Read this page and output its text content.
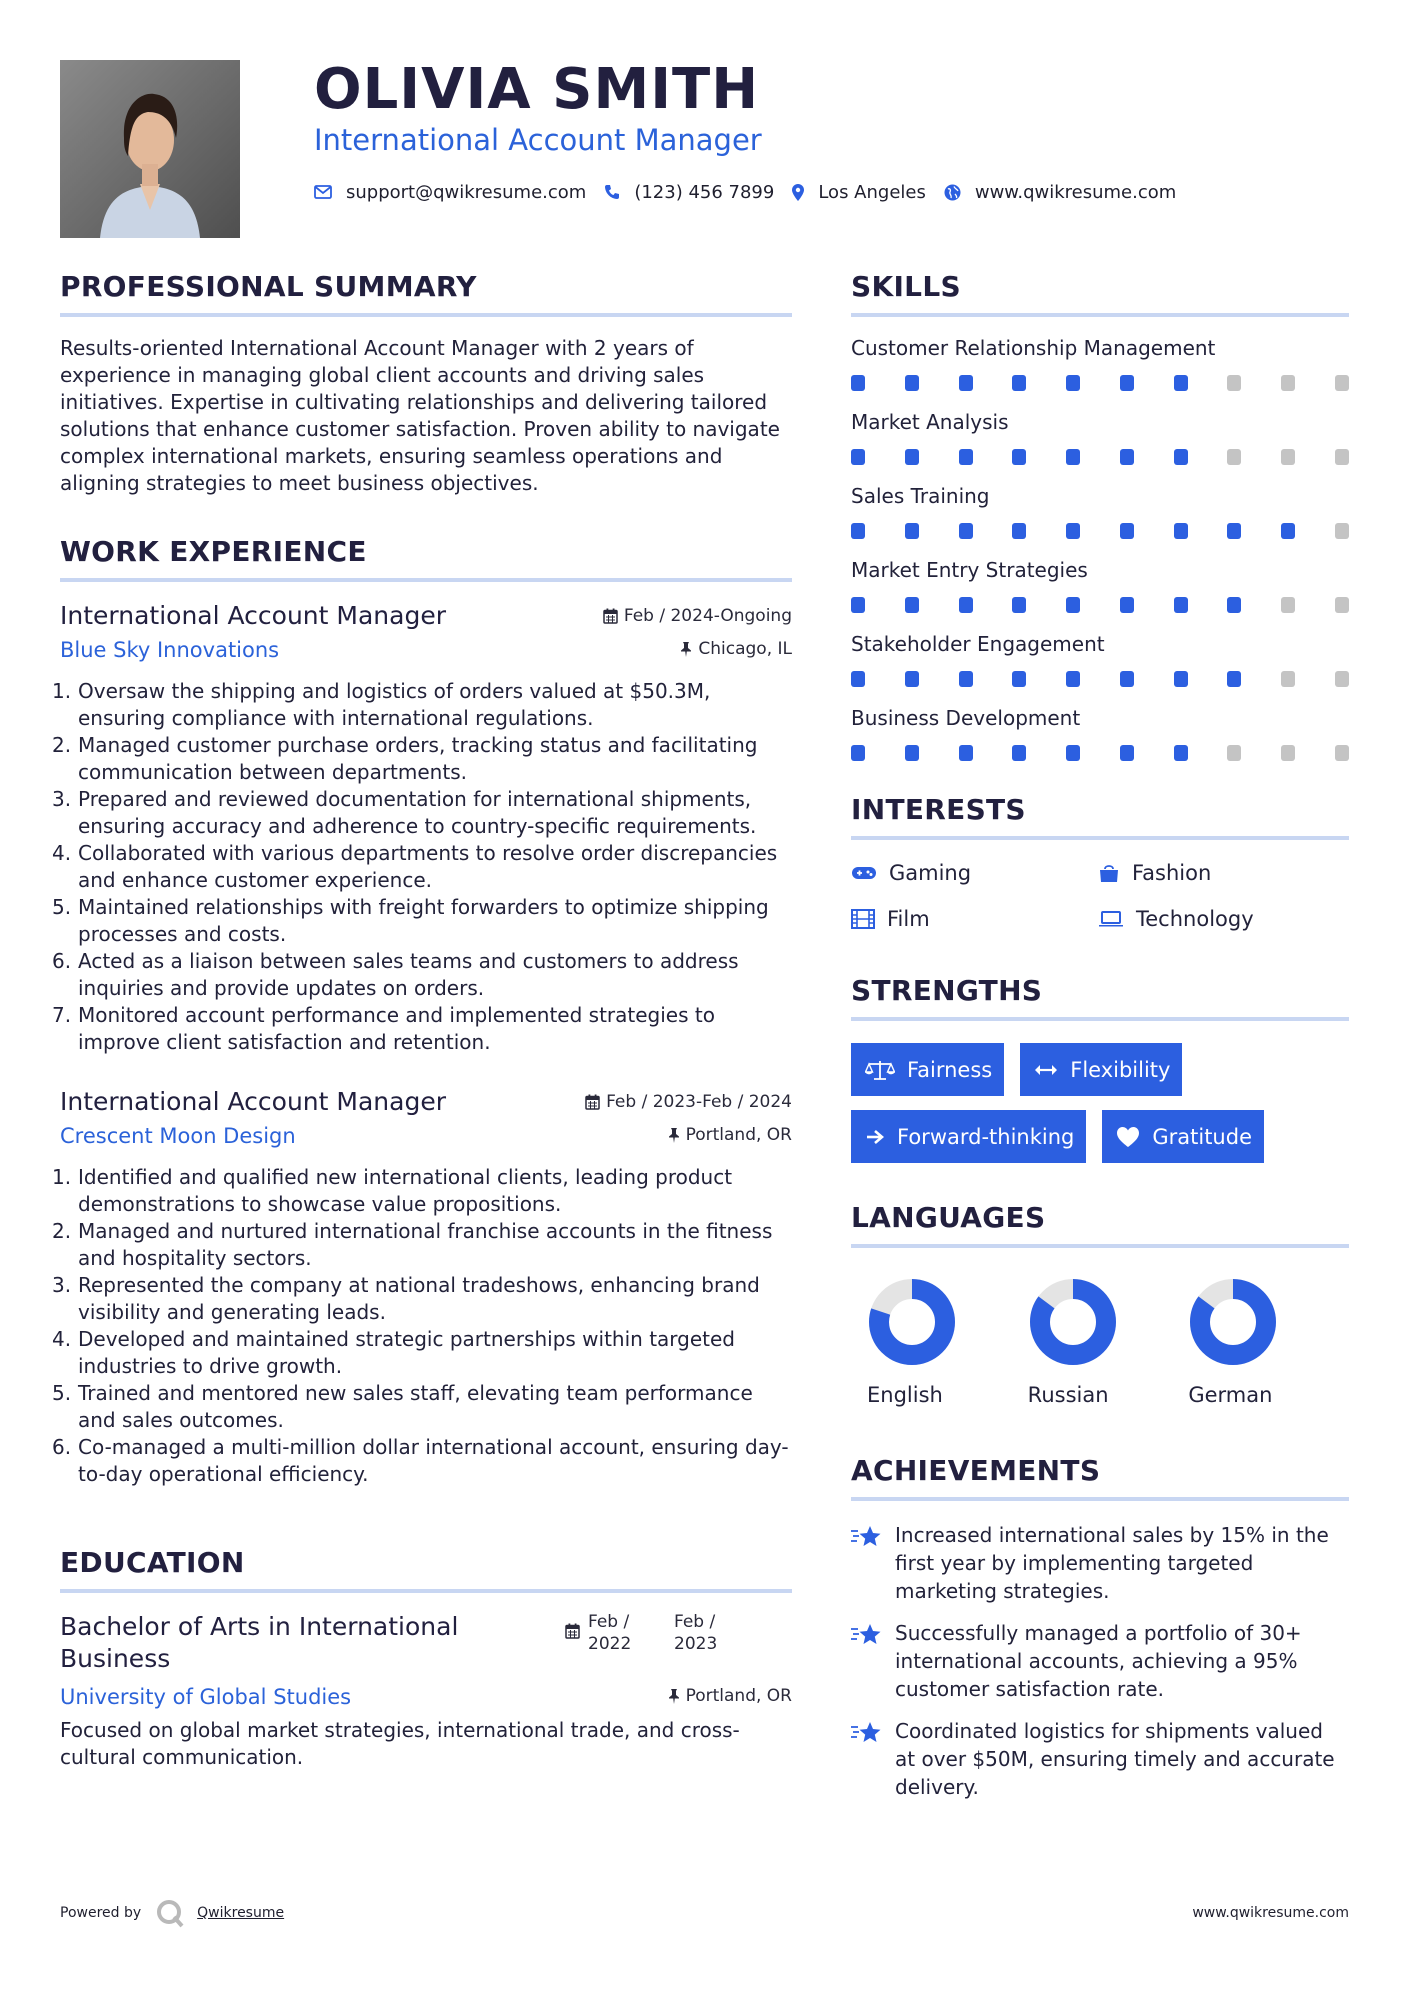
OLIVIA SMITH
International Account Manager
support@qwikresume.com	(123) 456 7899 Los Angeles	www.qwikresume.com
PROFESSIONAL SUMMARY

Results-oriented International Account Manager with 2 years of experience in managing global client accounts and driving sales initiatives. Expertise in cultivating relationships and delivering tailored solutions that enhance customer satisfaction. Proven ability to navigate complex international markets, ensuring seamless operations and aligning strategies to meet business objectives.

WORK EXPERIENCE
International Account Manager	Feb / 2024-Ongoing
Blue Sky Innovations	Chicago, IL
1. Oversaw the shipping and logistics of orders valued at $50.3M, ensuring compliance with international regulations.
2. Managed customer purchase orders, tracking status and facilitating communication between departments.
3. Prepared and reviewed documentation for international shipments, ensuring accuracy and adherence to country-specific requirements.
4. Collaborated with various departments to resolve order discrepancies and enhance customer experience.
5. Maintained relationships with freight forwarders to optimize shipping processes and costs.
6. Acted as a liaison between sales teams and customers to address inquiries and provide updates on orders.
7. Monitored account performance and implemented strategies to improve client satisfaction and retention.
International Account Manager	Feb / 2023-Feb / 2024
Crescent Moon Design	Portland, OR
1. Identified and qualified new international clients, leading product demonstrations to showcase value propositions.
2. Managed and nurtured international franchise accounts in the fitness and hospitality sectors.
3. Represented the company at national tradeshows, enhancing brand visibility and generating leads.
4. Developed and maintained strategic partnerships within targeted industries to drive growth.
5. Trained and mentored new sales staff, elevating team performance and sales outcomes.
6. Co-managed a multi-million dollar international account, ensuring day-to-day operational efficiency.
EDUCATION
Bachelor of Arts in International Business
Feb / 2022
Feb / 2023
University of Global Studies	Portland, OR

Focused on global market strategies, international trade, and cross-cultural communication.

SKILLS
Customer Relationship Management
Market Analysis
Sales Training
Market Entry Strategies
Stakeholder Engagement
Business Development
INTERESTS
Gaming	Fashion
Film	Technology
STRENGTHS
Fairness	Flexibility
Forward-thinking	Gratitude
LANGUAGES
English	Russian	German
ACHIEVEMENTS
Increased international sales by 15% in the first year by implementing targeted marketing strategies.
Successfully managed a portfolio of 30+ international accounts, achieving a 95% customer satisfaction rate.
Coordinated logistics for shipments valued at over $50M, ensuring timely and accurate delivery.
Powered by	Qwikresume	www.qwikresume.com
